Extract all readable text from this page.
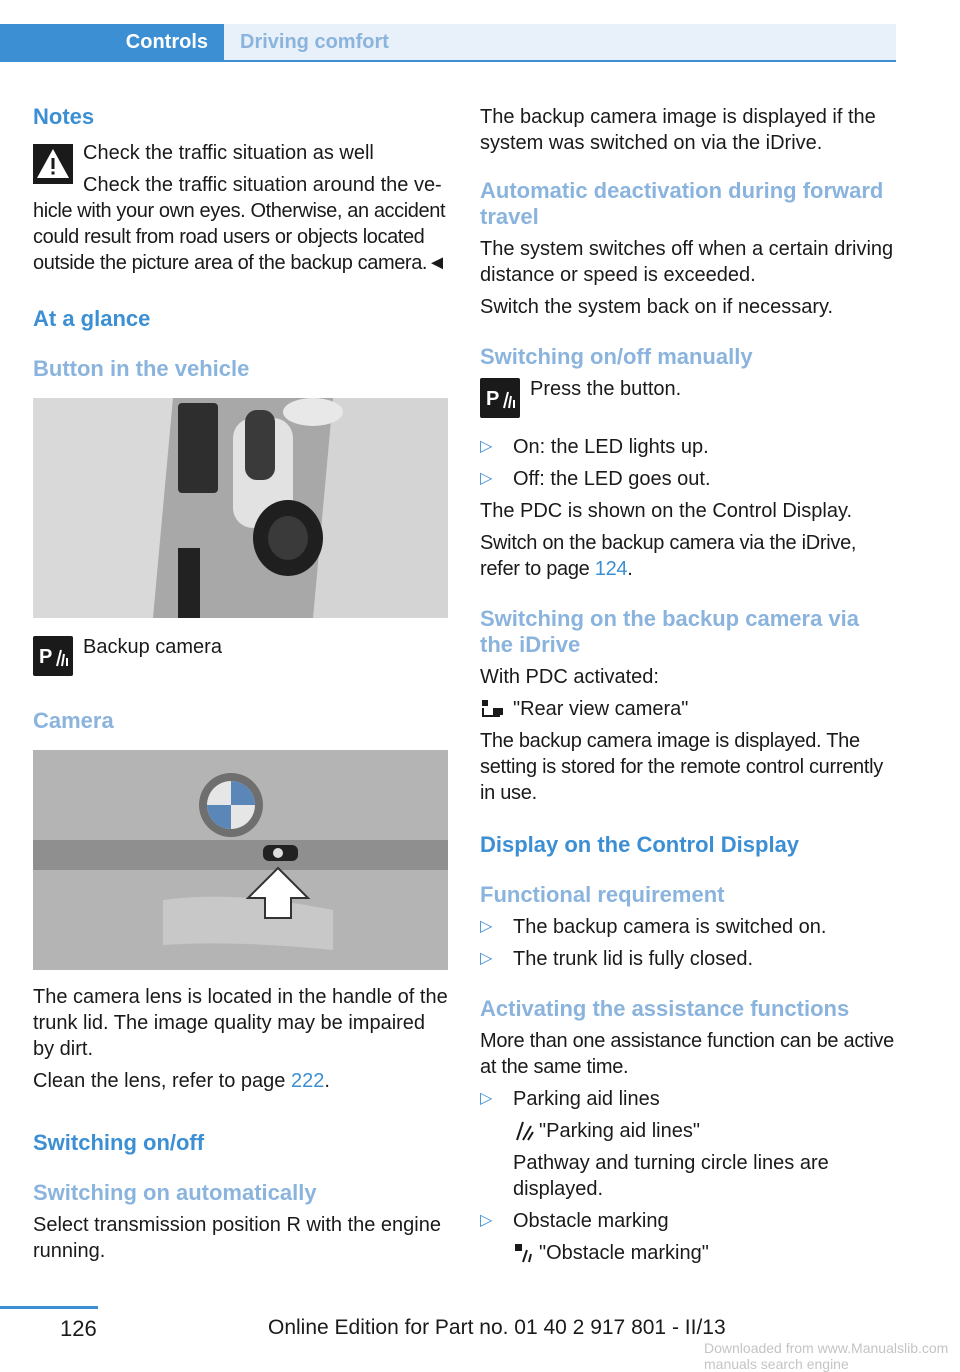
Controls	Driving comfort
Notes

Check the traffic situation as well

Check the traffic situation around the ve-

hicle with your own eyes. Otherwise, an accident could result from road users or objects located outside the picture area of the backup camera.◄

At a glance
Button in the vehicle
P Backup camera
Camera

The camera lens is located in the handle of the trunk lid. The image quality may be impaired by dirt.

Clean the lens, refer to page 222.

Switching on/off
Switching on automatically

Select transmission position R with the engine running.

The backup camera image is displayed if the system was switched on via the iDrive.

Automatic deactivation during forward travel

The system switches off when a certain driving distance or speed is exceeded.

Switch the system back on if necessary.

Switching on/off manually
P Press the button.
▷ On: the LED lights up.
▷ Off: the LED goes out.

The PDC is shown on the Control Display.

Switch on the backup camera via the iDrive, refer to page 124.

Switching on the backup camera via the iDrive

With PDC activated:

"Rear view camera"

The backup camera image is displayed. The setting is stored for the remote control currently in use.

Display on the Control Display
Functional requirement
▷ The backup camera is switched on.
▷ The trunk lid is fully closed.
Activating the assistance functions

More than one assistance function can be active at the same time.

▷ Parking aid lines
"Parking aid lines"

Pathway and turning circle lines are displayed.

▷ Obstacle marking
"Obstacle marking"
126	Online Edition for Part no. 01 40 2 917 801 - II/13
Downloaded from www.Manualslib.com manuals search engine
